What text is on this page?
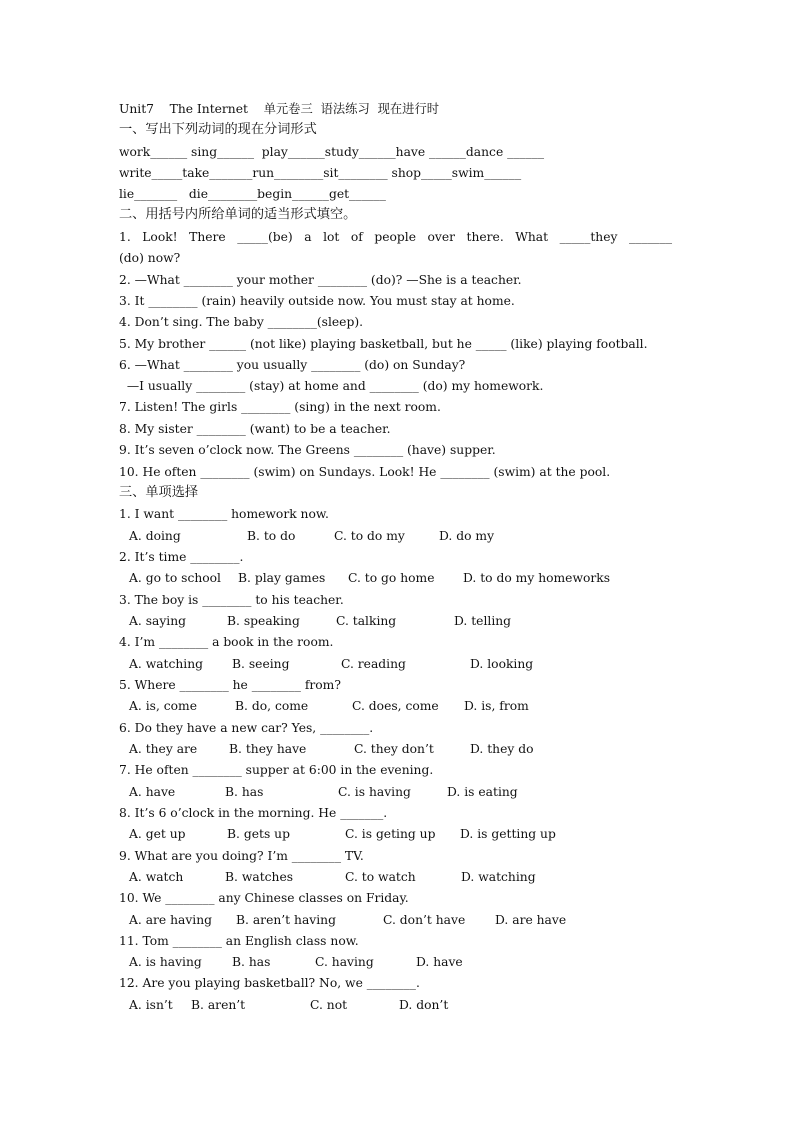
Unit7    The Internet    单元卷三  语法练习  现在进行时
一、写出下列动词的现在分词形式
work______ sing______  play______study______have ______dance ______
write_____take_______run________sit________ shop_____swim______
lie_______   die________begin______get______
二、用括号内所给单词的适当形式填空。
1. Look! There _____(be) a lot of people over there. What _____they _______
(do) now?
2. —What ________ your mother ________ (do)? —She is a teacher.
3. It ________ (rain) heavily outside now. You must stay at home.
4. Don’t sing. The baby ________(sleep).
5. My brother ______ (not like) playing basketball, but he _____ (like) playing football.
6. —What ________ you usually ________ (do) on Sunday?
—I usually ________ (stay) at home and ________ (do) my homework.
7. Listen! The girls ________ (sing) in the next room.
8. My sister ________ (want) to be a teacher.
9. It’s seven o’clock now. The Greens ________ (have) supper.
10. He often ________ (swim) on Sundays. Look! He ________ (swim) at the pool.
三、单项选择
1. I want ________ homework now.
A. doing	B. to do	C. to do my	D. do my
2. It’s time ________.
A. go to school B. play games C. to go home D. to do my homeworks
3. The boy is ________ to his teacher.
A. saying	B. speaking	C. talking	D. telling
4. I’m ________ a book in the room.
A. watching B. seeing	C. reading	D. looking
5. Where ________ he ________ from?
A. is, come	B. do, come	C. does, come D. is, from
6. Do they have a new car? Yes, ________.
A. they are	B. they have	C. they don’t	D. they do
7. He often ________ supper at 6:00 in the evening.
A. have	B. has	C. is having	D. is eating
8. It’s 6 o’clock in the morning. He _______.
A. get up	B. gets up	C. is geting up D. is getting up
9. What are you doing? I’m ________ TV.
A. watch	B. watches	C. to watch	D. watching
10. We ________ any Chinese classes on Friday.
A. are having B. aren’t having	C. don’t have D. are have
11. Tom ________ an English class now.
A. is having B. has	C. having	D. have
12. Are you playing basketball? No, we ________.
A. isn’t B. aren’t	C. not	D. don’t
